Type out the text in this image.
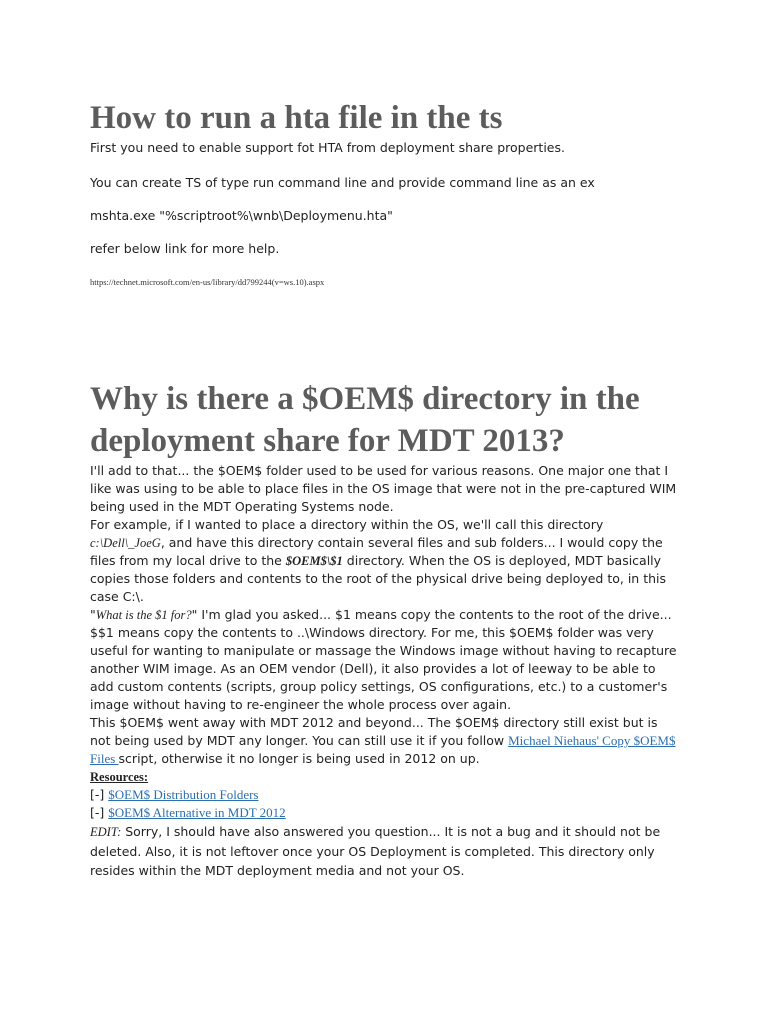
How to run a hta file in the ts

First you need to enable support fot HTA from deployment share properties.

You can create TS of type run command line and provide command line as an ex

mshta.exe "%scriptroot%\wnb\Deploymenu.hta"

refer below link for more help.

https://technet.microsoft.com/en-us/library/dd799244(v=ws.10).aspx

Why is there a $OEM$ directory in the deployment share for MDT 2013?

I'll add to that... the $OEM$ folder used to be used for various reasons. One major one that I like was using to be able to place files in the OS image that were not in the pre-captured WIM being used in the MDT Operating Systems node.

For example, if I wanted to place a directory within the OS, we'll call this directory c:\Dell\_JoeG, and have this directory contain several files and sub folders... I would copy the files from my local drive to the $OEM$\$1 directory. When the OS is deployed, MDT basically copies those folders and contents to the root of the physical drive being deployed to, in this case C:\.

"What is the $1 for?" I'm glad you asked... $1 means copy the contents to the root of the drive... $$1 means copy the contents to ..\Windows directory. For me, this $OEM$ folder was very useful for wanting to manipulate or massage the Windows image without having to recapture another WIM image. As an OEM vendor (Dell), it also provides a lot of leeway to be able to add custom contents (scripts, group policy settings, OS configurations, etc.) to a customer's image without having to re-engineer the whole process over again.

This $OEM$ went away with MDT 2012 and beyond... The $OEM$ directory still exist but is not being used by MDT any longer. You can still use it if you follow Michael Niehaus' Copy $OEM$ Files script, otherwise it no longer is being used in 2012 on up.

Resources:

[-] $OEM$ Distribution Folders

[-] $OEM$ Alternative in MDT 2012

EDIT: Sorry, I should have also answered you question... It is not a bug and it should not be deleted. Also, it is not leftover once your OS Deployment is completed. This directory only resides within the MDT deployment media and not your OS.
